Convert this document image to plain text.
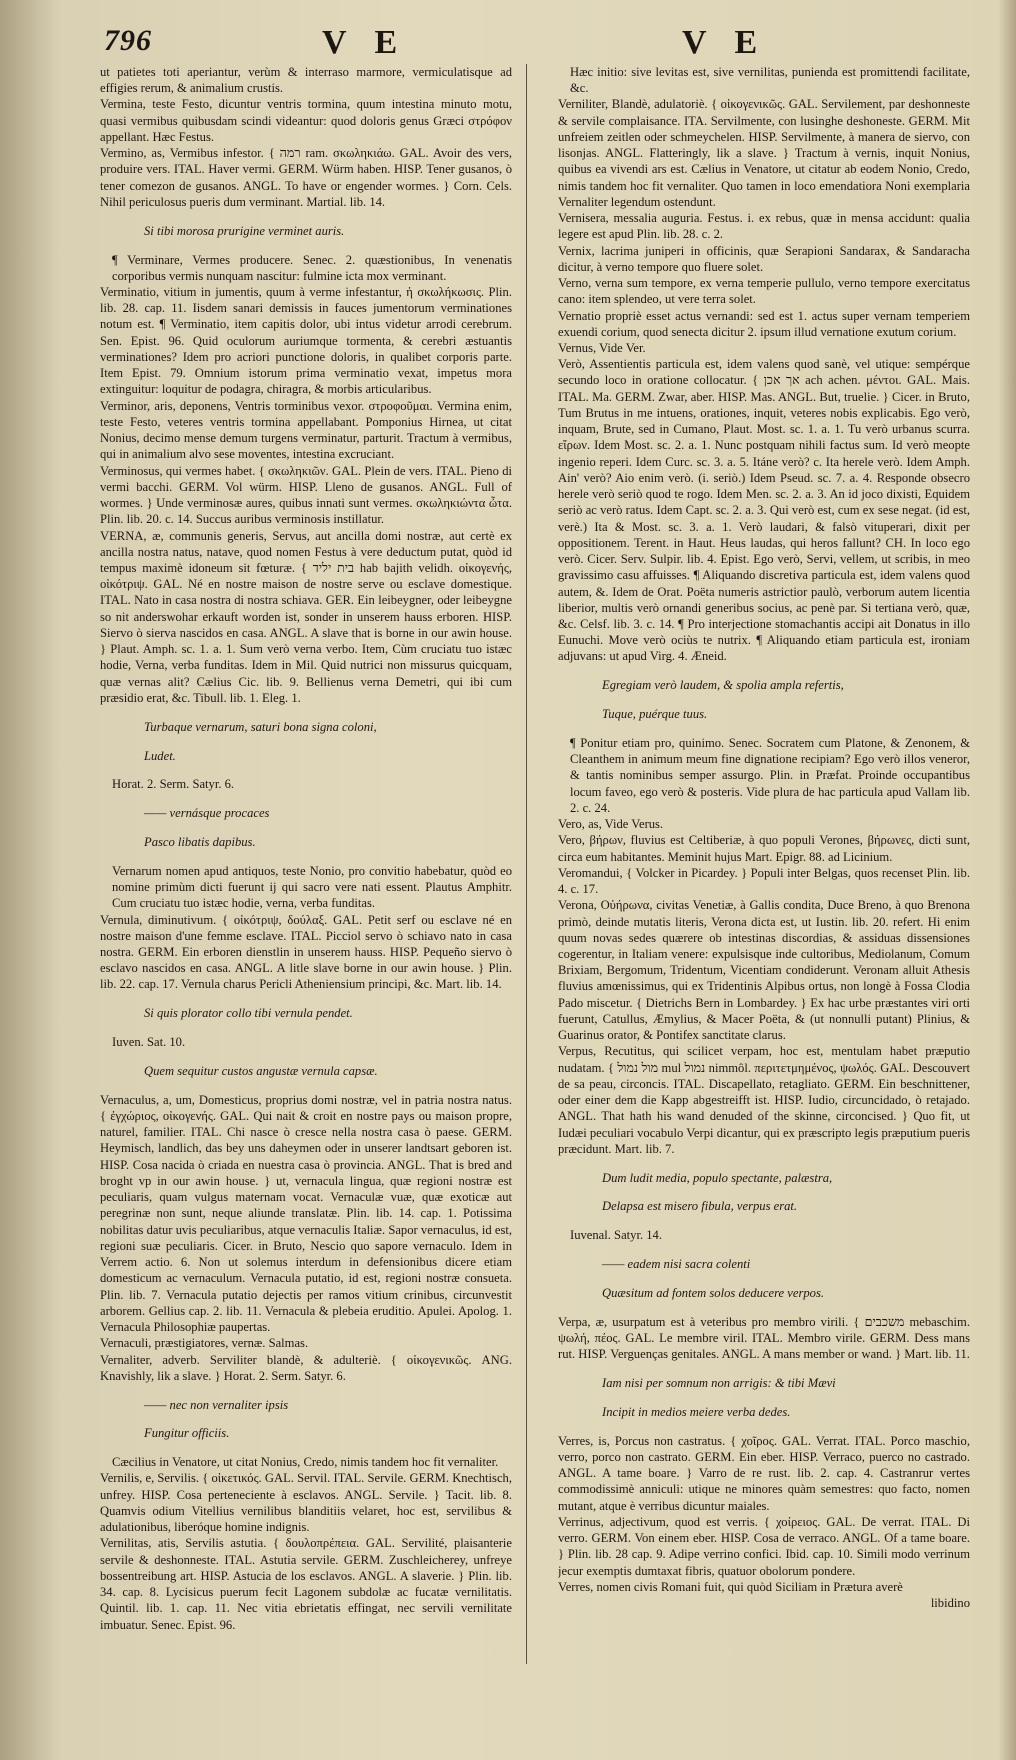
796	V E	V E

ut patietes toti aperiantur, verùm & interraso marmore, vermiculatisque ad effigies rerum, & animalium crustis.

Vermina, teste Festo, dicuntur ventris tormina, quum intestina minuto motu, quasi vermibus quibusdam scindi videantur: quod doloris genus Græci στρόφον appellant. Hæc Festus.

Vermino, as, Vermibus infestor. { רמה ram. σκωληκιάω. GAL. Avoir des vers, produire vers. ITAL. Haver vermi. GERM. Würm haben. HISP. Tener gusanos, ò tener comezon de gusanos. ANGL. To have or engender wormes. } Corn. Cels. Nihil periculosus pueris dum verminant. Martial. lib. 14.

Si tibi morosa prurigine verminet auris.

¶ Verminare, Vermes producere. Senec. 2. quæstionibus, In venenatis corporibus vermis nunquam nascitur: fulmine icta mox verminant.

Verminatio, vitium in jumentis, quum à verme infestantur, ἡ σκωλήκωσις. Plin. lib. 28. cap. 11. Iisdem sanari demissis in fauces jumentorum verminationes notum est. ¶ Verminatio, item capitis dolor, ubi intus videtur arrodi cerebrum. Sen. Epist. 96. Quid oculorum auriumque tormenta, & cerebri æstuantis verminationes? Idem pro acriori punctione doloris, in qualibet corporis parte. Item Epist. 79. Omnium istorum prima verminatio vexat, impetus mora extinguitur: loquitur de podagra, chiragra, & morbis articularibus.

Verminor, aris, deponens, Ventris torminibus vexor. στροφοῦμαι. Vermina enim, teste Festo, veteres ventris tormina appellabant. Pomponius Hirnea, ut citat Nonius, decimo mense demum turgens verminatur, parturit. Tractum à vermibus, qui in animalium alvo sese moventes, intestina excruciant.

Verminosus, qui vermes habet. { σκωληκιῶν. GAL. Plein de vers. ITAL. Pieno di vermi bacchi. GERM. Vol würm. HISP. Lleno de gusanos. ANGL. Full of wormes. } Unde verminosæ aures, quibus innati sunt vermes. σκωληκιώντα ὦτα. Plin. lib. 20. c. 14. Succus auribus verminosis instillatur.

VERNA, æ, communis generis, Servus, aut ancilla domi nostræ, aut certè ex ancilla nostra natus, natave, quod nomen Festus à vere deductum putat, quòd id tempus maximè idoneum sit fœturæ. { בית יליד hab bajith velidh. οἰκογενής, οἰκότριψ. GAL. Né en nostre maison de nostre serve ou esclave domestique. ITAL. Nato in casa nostra di nostra schiava. GER. Ein leibeygner, oder leibeygne so nit anderswohar erkauft worden ist, sonder in unserem hauss erboren. HISP. Siervo ò sierva nascidos en casa. ANGL. A slave that is borne in our awin house. } Plaut. Amph. sc. 1. a. 1. Sum verò verna verbo. Item, Cùm cruciatu tuo istæc hodie, Verna, verba funditas. Idem in Mil. Quid nutrici non missurus quicquam, quæ vernas alit? Cælius Cic. lib. 9. Bellienus verna Demetri, qui ibi cum præsidio erat, &c. Tibull. lib. 1. Eleg. 1.

Turbaque vernarum, saturi bona signa coloni,

Ludet.

Horat. 2. Serm. Satyr. 6.

—— vernásque procaces

Pasco libatis dapibus.

Vernarum nomen apud antiquos, teste Nonio, pro convitio habebatur, quòd eo nomine primùm dicti fuerunt ij qui sacro vere nati essent. Plautus Amphitr. Cum cruciatu tuo istæc hodie, verna, verba funditas.

Vernula, diminutivum. { οἰκότριψ, δούλαξ. GAL. Petit serf ou esclave né en nostre maison d'une femme esclave. ITAL. Picciol servo ò schiavo nato in casa nostra. GERM. Ein erboren dienstlin in unserem hauss. HISP. Pequeño siervo ò esclavo nascidos en casa. ANGL. A litle slave borne in our awin house. } Plin. lib. 22. cap. 17. Vernula charus Pericli Atheniensium principi, &c. Mart. lib. 14.

Si quis plorator collo tibi vernula pendet.

Iuven. Sat. 10.

Quem sequitur custos angustæ vernula capsæ.

Vernaculus, a, um, Domesticus, proprius domi nostræ, vel in patria nostra natus. { ἐγχώριος, οἰκογενής. GAL. Qui nait & croit en nostre pays ou maison propre, naturel, familier. ITAL. Chi nasce ò cresce nella nostra casa ò paese. GERM. Heymisch, landlich, das bey uns daheymen oder in unserer landtsart geboren ist. HISP. Cosa nacida ò criada en nuestra casa ò provincia. ANGL. That is bred and broght vp in our awin house. } ut, vernacula lingua, quæ regioni nostræ est peculiaris, quam vulgus maternam vocat. Vernaculæ vuæ, quæ exoticæ aut peregrinæ non sunt, neque aliunde translatæ. Plin. lib. 14. cap. 1. Potissima nobilitas datur uvis peculiaribus, atque vernaculis Italiæ. Sapor vernaculus, id est, regioni suæ peculiaris. Cicer. in Bruto, Nescio quo sapore vernaculo. Idem in Verrem actio. 6. Non ut solemus interdum in defensionibus dicere etiam domesticum ac vernaculum. Vernacula putatio, id est, regioni nostræ consueta. Plin. lib. 7. Vernacula putatio dejectis per ramos vitium crinibus, circunvestit arborem. Gellius cap. 2. lib. 11. Vernacula & plebeia eruditio. Apulei. Apolog. 1. Vernacula Philosophiæ paupertas.

Vernaculi, præstigiatores, vernæ. Salmas.

Vernaliter, adverb. Serviliter blandè, & adulteriè. { οἰκογενικῶς. ANG. Knavishly, lik a slave. } Horat. 2. Serm. Satyr. 6.

—— nec non vernaliter ipsis

Fungitur officiis.

Cæcilius in Venatore, ut citat Nonius, Credo, nimis tandem hoc fit vernaliter.

Vernilis, e, Servilis. { οἰκετικός. GAL. Servil. ITAL. Servile. GERM. Knechtisch, unfrey. HISP. Cosa perteneciente à esclavos. ANGL. Servile. } Tacit. lib. 8. Quamvis odium Vitellius vernilibus blanditiis velaret, hoc est, servilibus & adulationibus, liberóque homine indignis.

Vernilitas, atis, Servilis astutia. { δουλοπρέπεια. GAL. Servilité, plaisanterie servile & deshonneste. ITAL. Astutia servile. GERM. Zuschleicherey, unfreye bossentreibung art. HISP. Astucia de los esclavos. ANGL. A slaverie. } Plin. lib. 34. cap. 8. Lycisicus puerum fecit Lagonem subdolæ ac fucatæ vernilitatis. Quintil. lib. 1. cap. 11. Nec vitia ebrietatis effingat, nec servili vernilitate imbuatur. Senec. Epist. 96.

Hæc initio: sive levitas est, sive vernilitas, punienda est promittendi facilitate, &c.

Verniliter, Blandè, adulatoriè. { οἰκογενικῶς. GAL. Servilement, par deshonneste & servile complaisance. ITA. Servilmente, con lusinghe deshoneste. GERM. Mit unfreiem zeitlen oder schmeychelen. HISP. Servilmente, à manera de siervo, con lisonjas. ANGL. Flatteringly, lik a slave. } Tractum à vernis, inquit Nonius, quibus ea vivendi ars est. Cælius in Venatore, ut citatur ab eodem Nonio, Credo, nimis tandem hoc fit vernaliter. Quo tamen in loco emendatiora Noni exemplaria Vernaliter legendum ostendunt.

Vernisera, messalia auguria. Festus. i. ex rebus, quæ in mensa accidunt: qualia legere est apud Plin. lib. 28. c. 2.

Vernix, lacrima juniperi in officinis, quæ Serapioni Sandarax, & Sandaracha dicitur, à verno tempore quo fluere solet.

Verno, verna sum tempore, ex verna temperie pullulo, verno tempore exercitatus cano: item splendeo, ut vere terra solet.

Vernatio propriè esset actus vernandi: sed est 1. actus super vernam temperiem exuendi corium, quod senecta dicitur 2. ipsum illud vernatione exutum corium.

Vernus, Vide Ver.

Verò, Assentientis particula est, idem valens quod sanè, vel utique: sempérque secundo loco in oratione collocatur. { אך אכן ach achen. μέντοι. GAL. Mais. ITAL. Ma. GERM. Zwar, aber. HISP. Mas. ANGL. But, truelie. } Cicer. in Bruto, Tum Brutus in me intuens, orationes, inquit, veteres nobis explicabis. Ego verò, inquam, Brute, sed in Cumano, Plaut. Most. sc. 1. a. 1. Tu verò urbanus scurra. εἴρων. Idem Most. sc. 2. a. 1. Nunc postquam nihili factus sum. Id verò meopte ingenio reperi. Idem Curc. sc. 3. a. 5. Itáne verò? c. Ita herele verò. Idem Amph. Ain' verò? Aio enim verò. (i. seriò.) Idem Pseud. sc. 7. a. 4. Responde obsecro herele verò seriò quod te rogo. Idem Men. sc. 2. a. 3. An id joco dixisti, Equidem seriò ac verò ratus. Idem Capt. sc. 2. a. 3. Qui verò est, cum ex sese negat. (id est, verè.) Ita & Most. sc. 3. a. 1. Verò laudari, & falsò vituperari, dixit per oppositionem. Terent. in Haut. Heus laudas, qui heros fallunt? CH. In loco ego verò. Cicer. Serv. Sulpir. lib. 4. Epist. Ego verò, Servi, vellem, ut scribis, in meo gravissimo casu affuisses. ¶ Aliquando discretiva particula est, idem valens quod autem, &. Idem de Orat. Poëta numeris astrictior paulò, verborum autem licentia liberior, multis verò ornandi generibus socius, ac penè par. Si tertiana verò, quæ, &c. Celsf. lib. 3. c. 14. ¶ Pro interjectione stomachantis accipi ait Donatus in illo Eunuchi. Move verò ociùs te nutrix. ¶ Aliquando etiam particula est, ironiam adjuvans: ut apud Virg. 4. Æneid.

Egregiam verò laudem, & spolia ampla refertis,

Tuque, puérque tuus.

¶ Ponitur etiam pro, quinimo. Senec. Socratem cum Platone, & Zenonem, & Cleanthem in animum meum fine dignatione recipiam? Ego verò illos veneror, & tantis nominibus semper assurgo. Plin. in Præfat. Proinde occupantibus locum faveo, ego verò & posteris. Vide plura de hac particula apud Vallam lib. 2. c. 24.

Vero, as, Vide Verus.

Vero, βήρων, fluvius est Celtiberiæ, à quo populi Verones, βήρωνες, dicti sunt, circa eum habitantes. Meminit hujus Mart. Epigr. 88. ad Licinium.

Veromandui, { Volcker in Picardey. } Populi inter Belgas, quos recenset Plin. lib. 4. c. 17.

Verona, Οὐήρωνα, civitas Venetiæ, à Gallis condita, Duce Breno, à quo Brenona primò, deinde mutatis literis, Verona dicta est, ut Iustin. lib. 20. refert. Hi enim quum novas sedes quærere ob intestinas discordias, & assiduas dissensiones cogerentur, in Italiam venere: expulsisque inde cultoribus, Mediolanum, Comum Brixiam, Bergomum, Tridentum, Vicentiam condiderunt. Veronam alluit Athesis fluvius amœnissimus, qui ex Tridentinis Alpibus ortus, non longè à Fossa Clodia Pado miscetur. { Dietrichs Bern in Lombardey. } Ex hac urbe præstantes viri orti fuerunt, Catullus, Æmylius, & Macer Poëta, & (ut nonnulli putant) Plinius, & Guarinus orator, & Pontifex sanctitate clarus.

Verpus, Recutitus, qui scilicet verpam, hoc est, mentulam habet præputio nudatam. { מול נמול mul נמול nimmôl. περιτετμημένος, ψωλός. GAL. Descouvert de sa peau, circoncis. ITAL. Discapellato, retagliato. GERM. Ein beschnittener, oder einer dem die Kapp abgestreifft ist. HISP. Iudio, circuncidado, ò retajado. ANGL. That hath his wand denuded of the skinne, circoncised. } Quo fit, ut Iudæi peculiari vocabulo Verpi dicantur, qui ex præscripto legis præputium pueris præcidunt. Mart. lib. 7.

Dum ludit media, populo spectante, palæstra,

Delapsa est misero fibula, verpus erat.

Iuvenal. Satyr. 14.

—— eadem nisi sacra colenti

Quæsitum ad fontem solos deducere verpos.

Verpa, æ, usurpatum est à veteribus pro membro virili. { משכבים mebaschim. ψωλή, πέος. GAL. Le membre viril. ITAL. Membro virile. GERM. Dess mans rut. HISP. Verguenças genitales. ANGL. A mans member or wand. } Mart. lib. 11.

Iam nisi per somnum non arrigis: & tibi Mævi

Incipit in medios meiere verba dedes.

Verres, is, Porcus non castratus. { χοῖρος. GAL. Verrat. ITAL. Porco maschio, verro, porco non castrato. GERM. Ein eber. HISP. Verraco, puerco no castrado. ANGL. A tame boare. } Varro de re rust. lib. 2. cap. 4. Castranrur vertes commodissimè anniculi: utique ne minores quàm semestres: quo facto, nomen mutant, atque è verribus dicuntur maiales.

Verrinus, adjectivum, quod est verris. { χοίρειος. GAL. De verrat. ITAL. Di verro. GERM. Von einem eber. HISP. Cosa de verraco. ANGL. Of a tame boare. } Plin. lib. 28 cap. 9. Adipe verrino confici. Ibid. cap. 10. Simili modo verrinum jecur exemptis dumtaxat fibris, quatuor obolorum pondere.

Verres, nomen civis Romani fuit, qui quòd Siciliam in Prætura averè

libidino
